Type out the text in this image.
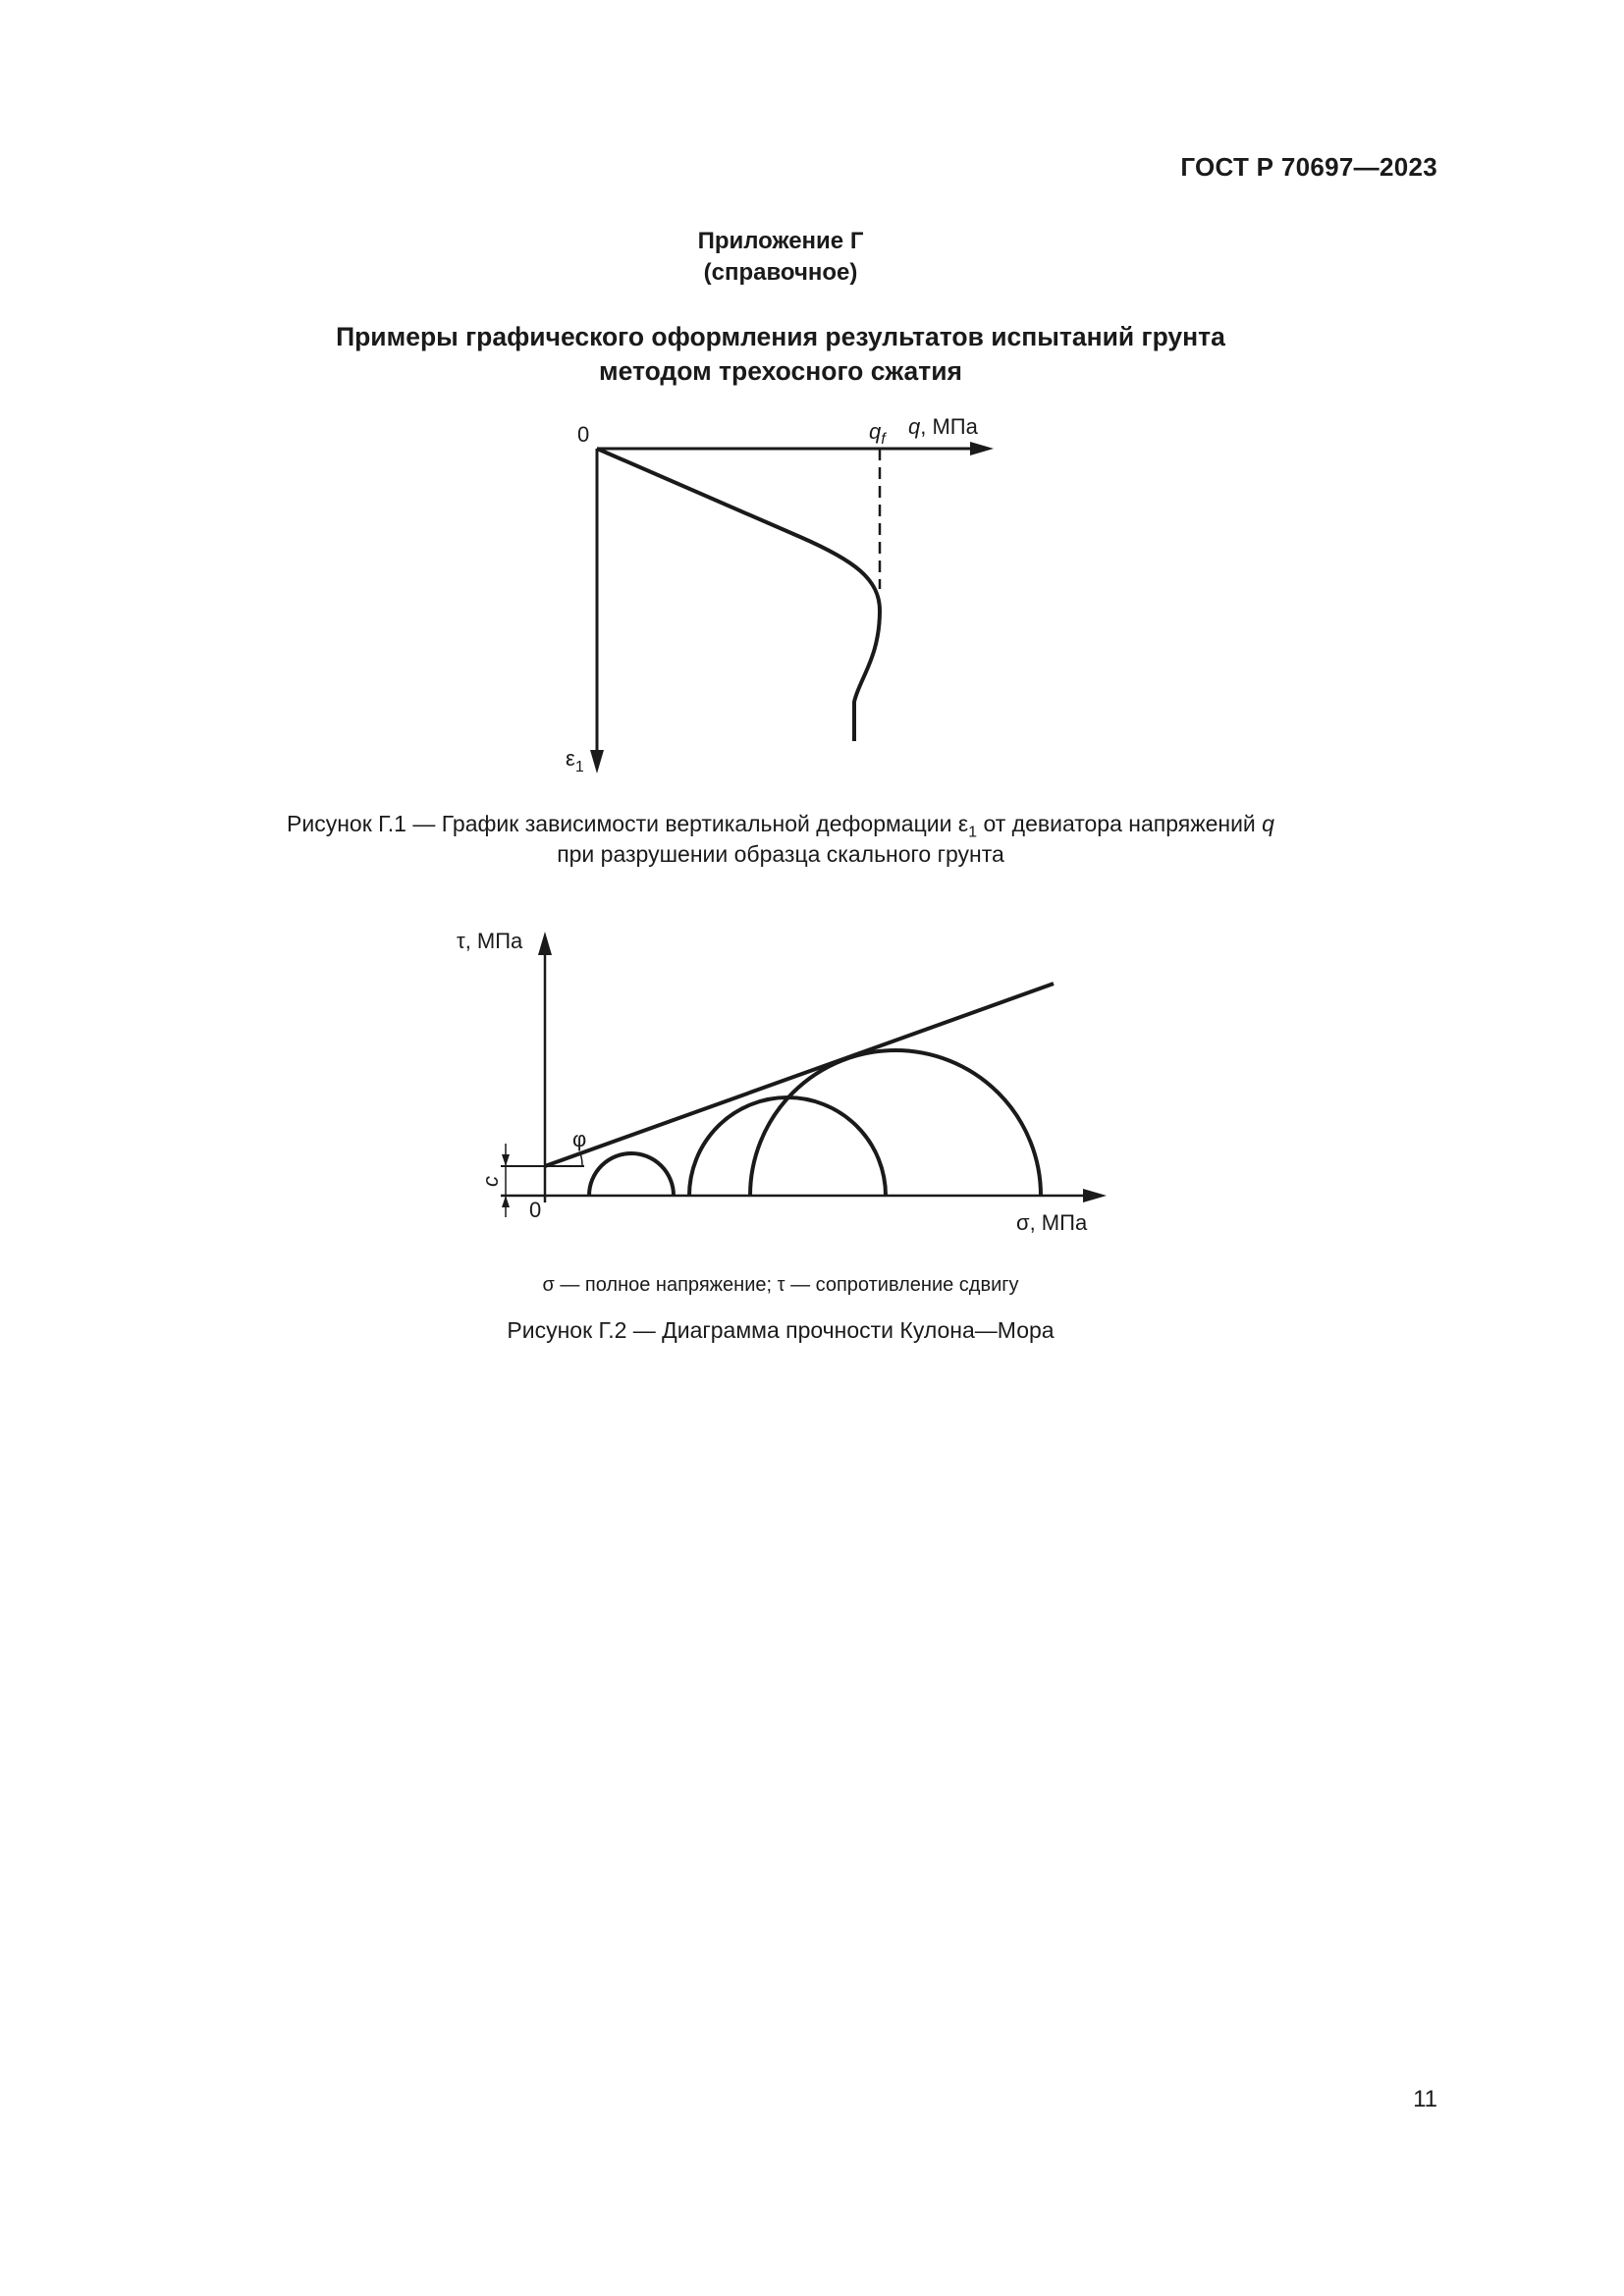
ГОСТ Р 70697—2023
Приложение Г
(справочное)
Примеры графического оформления результатов испытаний грунта
методом трехосного сжатия
0	$q_f$
q, МПа
$\varepsilon_1$
Рисунок Г.1 — График зависимости вертикальной деформации $\varepsilon_1$ от девиатора напряжений q
при разрушении образца скального грунта
τ, МПа
σ, МПа
0
φ
c
σ — полное напряжение; τ — сопротивление сдвигу
Рисунок Г.2 — Диаграмма прочности Кулона—Мора
11
